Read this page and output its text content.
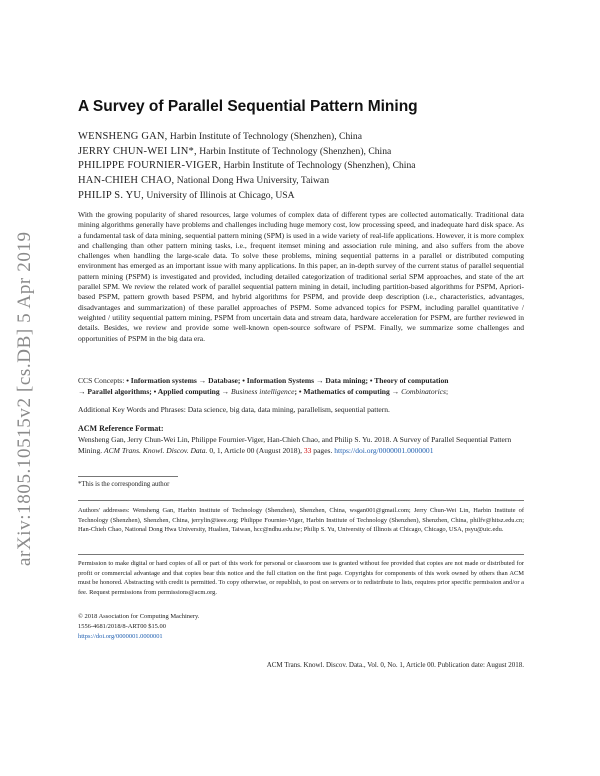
arXiv:1805.10515v2 [cs.DB] 5 Apr 2019
A Survey of Parallel Sequential Pattern Mining
WENSHENG GAN, Harbin Institute of Technology (Shenzhen), China
JERRY CHUN-WEI LIN*, Harbin Institute of Technology (Shenzhen), China
PHILIPPE FOURNIER-VIGER, Harbin Institute of Technology (Shenzhen), China
HAN-CHIEH CHAO, National Dong Hwa University, Taiwan
PHILIP S. YU, University of Illinois at Chicago, USA
With the growing popularity of shared resources, large volumes of complex data of different types are collected automatically. Traditional data mining algorithms generally have problems and challenges including huge memory cost, low processing speed, and inadequate hard disk space. As a fundamental task of data mining, sequential pattern mining (SPM) is used in a wide variety of real-life applications. However, it is more complex and challenging than other pattern mining tasks, i.e., frequent itemset mining and association rule mining, and also suffers from the above challenges when handling the large-scale data. To solve these problems, mining sequential patterns in a parallel or distributed computing environment has emerged as an important issue with many applications. In this paper, an in-depth survey of the current status of parallel sequential pattern mining (PSPM) is investigated and provided, including detailed categorization of traditional serial SPM approaches, and state of the art parallel SPM. We review the related work of parallel sequential pattern mining in detail, including partition-based algorithms for PSPM, Apriori-based PSPM, pattern growth based PSPM, and hybrid algorithms for PSPM, and provide deep description (i.e., characteristics, advantages, disadvantages and summarization) of these parallel approaches of PSPM. Some advanced topics for PSPM, including parallel quantitative / weighted / utility sequential pattern mining, PSPM from uncertain data and stream data, hardware acceleration for PSPM, are further reviewed in details. Besides, we review and provide some well-known open-source software of PSPM. Finally, we summarize some challenges and opportunities of PSPM in the big data era.
CCS Concepts: • Information systems → Database; • Information Systems → Data mining; • Theory of computation
→ Parallel algorithms; • Applied computing → Business intelligence; • Mathematics of computing → Combinatorics;
Additional Key Words and Phrases: Data science, big data, data mining, parallelism, sequential pattern.
ACM Reference Format:
Wensheng Gan, Jerry Chun-Wei Lin, Philippe Fournier-Viger, Han-Chieh Chao, and Philip S. Yu. 2018. A Survey of Parallel Sequential Pattern Mining. ACM Trans. Knowl. Discov. Data. 0, 1, Article 00 (August 2018), 33 pages. https://doi.org/0000001.0000001
*This is the corresponding author
Authors' addresses: Wensheng Gan, Harbin Institute of Technology (Shenzhen), Shenzhen, China, wsgan001@gmail.com; Jerry Chun-Wei Lin, Harbin Institute of Technology (Shenzhen), Shenzhen, China, jerrylin@ieee.org; Philippe Fournier-Viger, Harbin Institute of Technology (Shenzhen), Shenzhen, China, philfv@hitsz.edu.cn; Han-Chieh Chao, National Dong Hwa University, Hualien, Taiwan, hcc@ndhu.edu.tw; Philip S. Yu, University of Illinois at Chicago, Chicago, USA, psyu@uic.edu.
Permission to make digital or hard copies of all or part of this work for personal or classroom use is granted without fee provided that copies are not made or distributed for profit or commercial advantage and that copies bear this notice and the full citation on the first page. Copyrights for components of this work owned by others than ACM must be honored. Abstracting with credit is permitted. To copy otherwise, or republish, to post on servers or to redistribute to lists, requires prior specific permission and/or a fee. Request permissions from permissions@acm.org.
© 2018 Association for Computing Machinery.
1556-4681/2018/8-ART00 $15.00
https://doi.org/0000001.0000001
ACM Trans. Knowl. Discov. Data., Vol. 0, No. 1, Article 00. Publication date: August 2018.
